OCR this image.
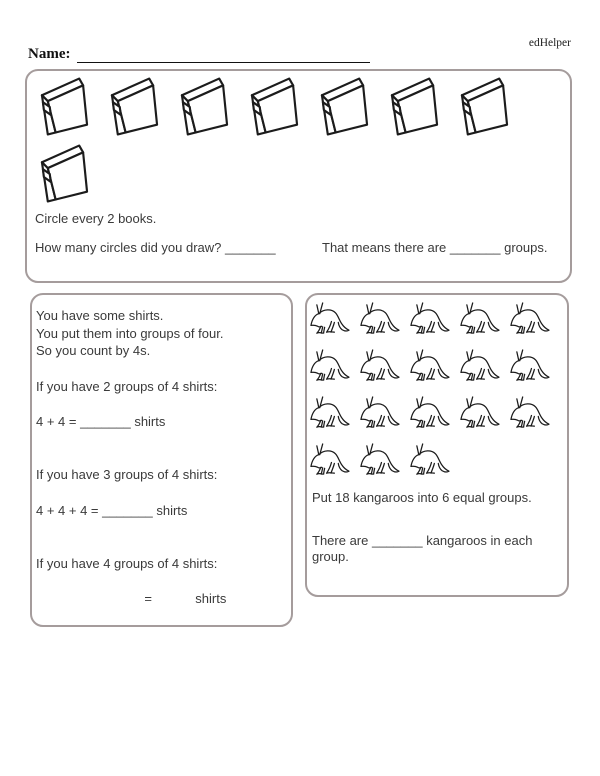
edHelper
Name:
Circle every 2 books.
How many circles did you draw? _______	That means there are _______ groups.
You have some shirts.
You put them into groups of four.
So you count by 4s.
If you have 2 groups of 4 shirts:
4 + 4 = _______ shirts
If you have 3 groups of 4 shirts:
4 + 4 + 4 = _______ shirts
If you have 4 groups of 4 shirts:
=            shirts
Put 18 kangaroos into 6 equal groups.
There are _______ kangaroos in each group.
